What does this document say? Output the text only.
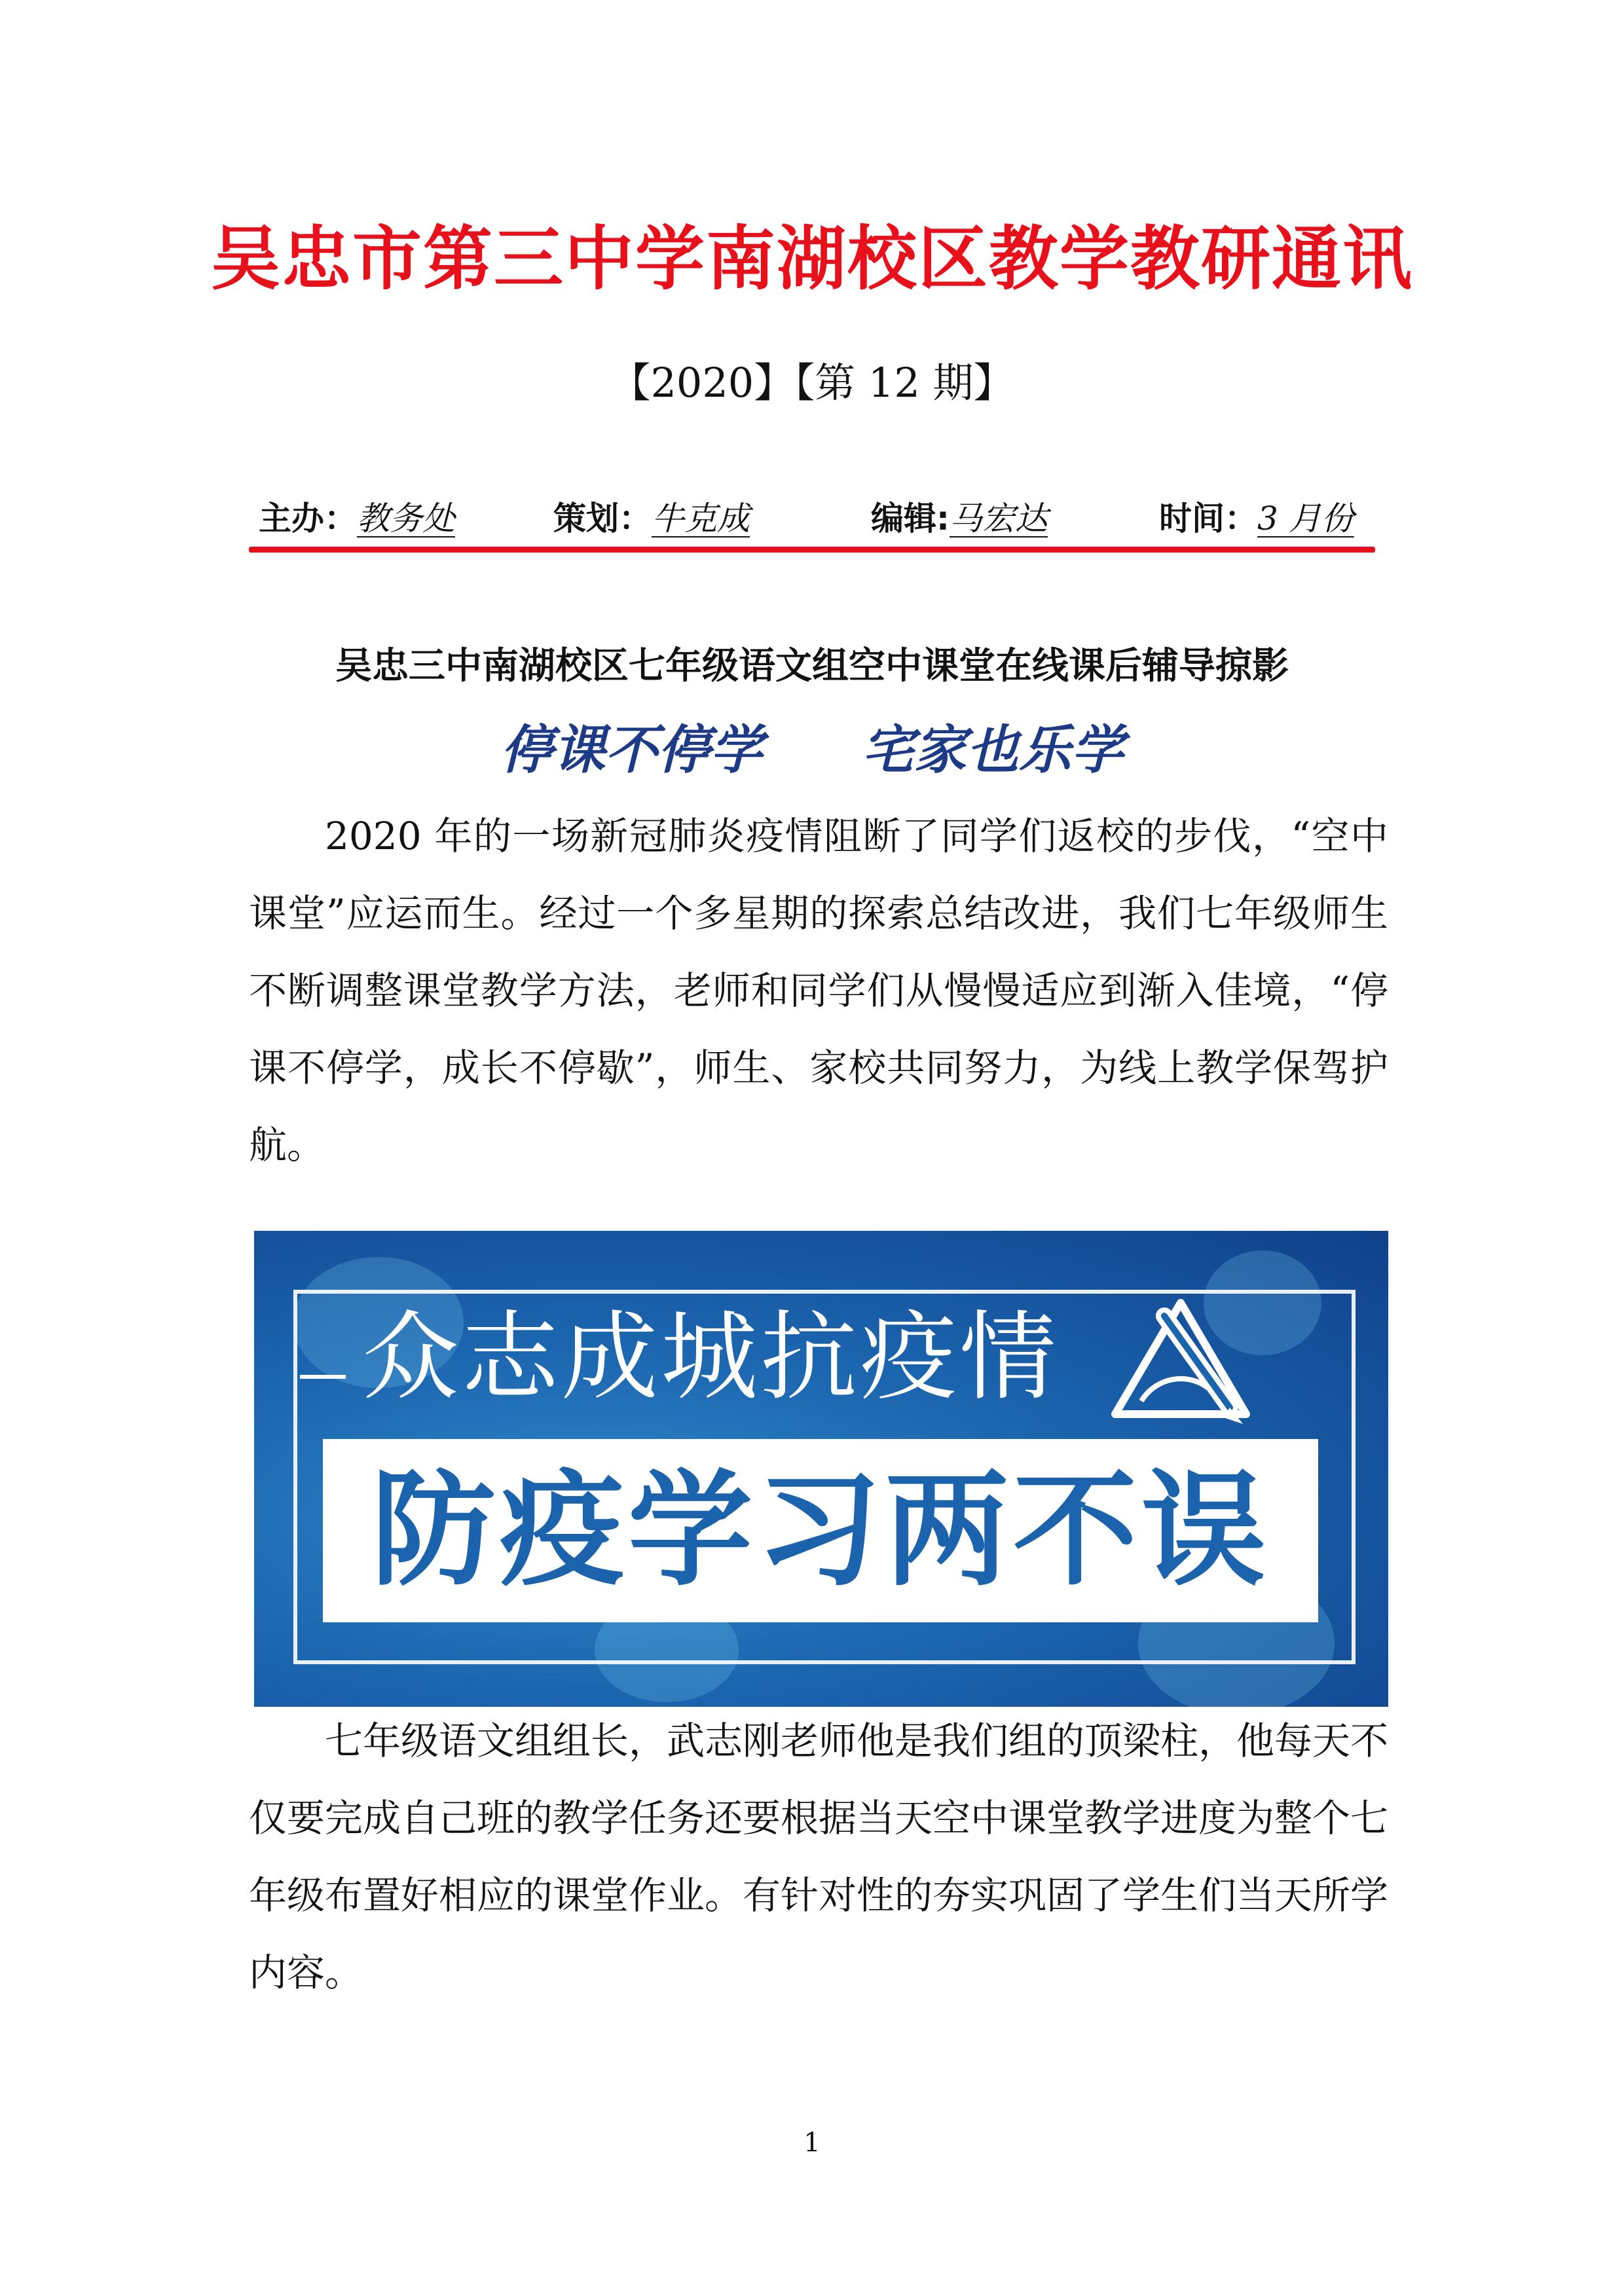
吴忠市第三中学南湖校区教学教研通讯
【2020】【第 12 期】
主办：教务处	策划：牛克成	编辑:马宏达	时间：3 月份
吴忠三中南湖校区七年级语文组空中课堂在线课后辅导掠影
停课不停学    宅家也乐学

2020 年的一场新冠肺炎疫情阻断了同学们返校的步伐，“空中课堂”应运而生。经过一个多星期的探索总结改进，我们七年级师生不断调整课堂教学方法，老师和同学们从慢慢适应到渐入佳境，“停课不停学，成长不停歇”，师生、家校共同努力，为线上教学保驾护航。

众志成城抗疫情
防疫学习两不误

七年级语文组组长，武志刚老师他是我们组的顶梁柱，他每天不仅要完成自己班的教学任务还要根据当天空中课堂教学进度为整个七年级布置好相应的课堂作业。有针对性的夯实巩固了学生们当天所学内容。

1
